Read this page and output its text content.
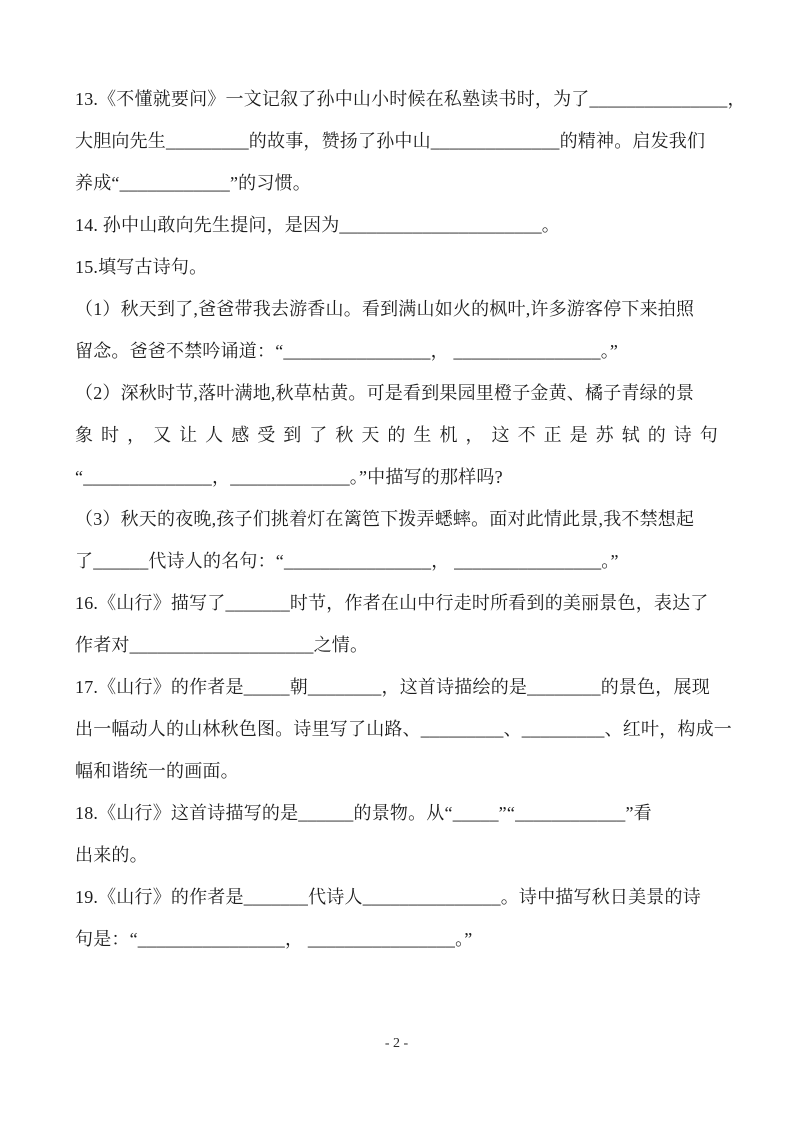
13.《不懂就要问》一文记叙了孙中山小时候在私塾读书时，为了_______________，
大胆向先生_________的故事，赞扬了孙中山______________的精神。启发我们
养成“____________”的习惯。
14. 孙中山敢向先生提问，是因为______________________。
15.填写古诗句。
（1）秋天到了,爸爸带我去游香山。看到满山如火的枫叶,许多游客停下来拍照
留念。爸爸不禁吟诵道：“________________， ________________。”
（2）深秋时节,落叶满地,秋草枯黄。可是看到果园里橙子金黄、橘子青绿的景
象时，又让人感受到了秋天的生机，这不正是苏轼的诗句
“______________，_____________。”中描写的那样吗?
（3）秋天的夜晚,孩子们挑着灯在篱笆下拨弄蟋蟀。面对此情此景,我不禁想起
了______代诗人的名句：“________________， ________________。”
16.《山行》描写了_______时节，作者在山中行走时所看到的美丽景色，表达了
作者对____________________之情。
17.《山行》的作者是_____朝________，这首诗描绘的是________的景色，展现
出一幅动人的山林秋色图。诗里写了山路、_________、_________、红叶，构成一
幅和谐统一的画面。
18.《山行》这首诗描写的是______的景物。从“_____”“____________”看
出来的。
19.《山行》的作者是_______代诗人_______________。诗中描写秋日美景的诗
句是：“________________， ________________。”
- 2 -
